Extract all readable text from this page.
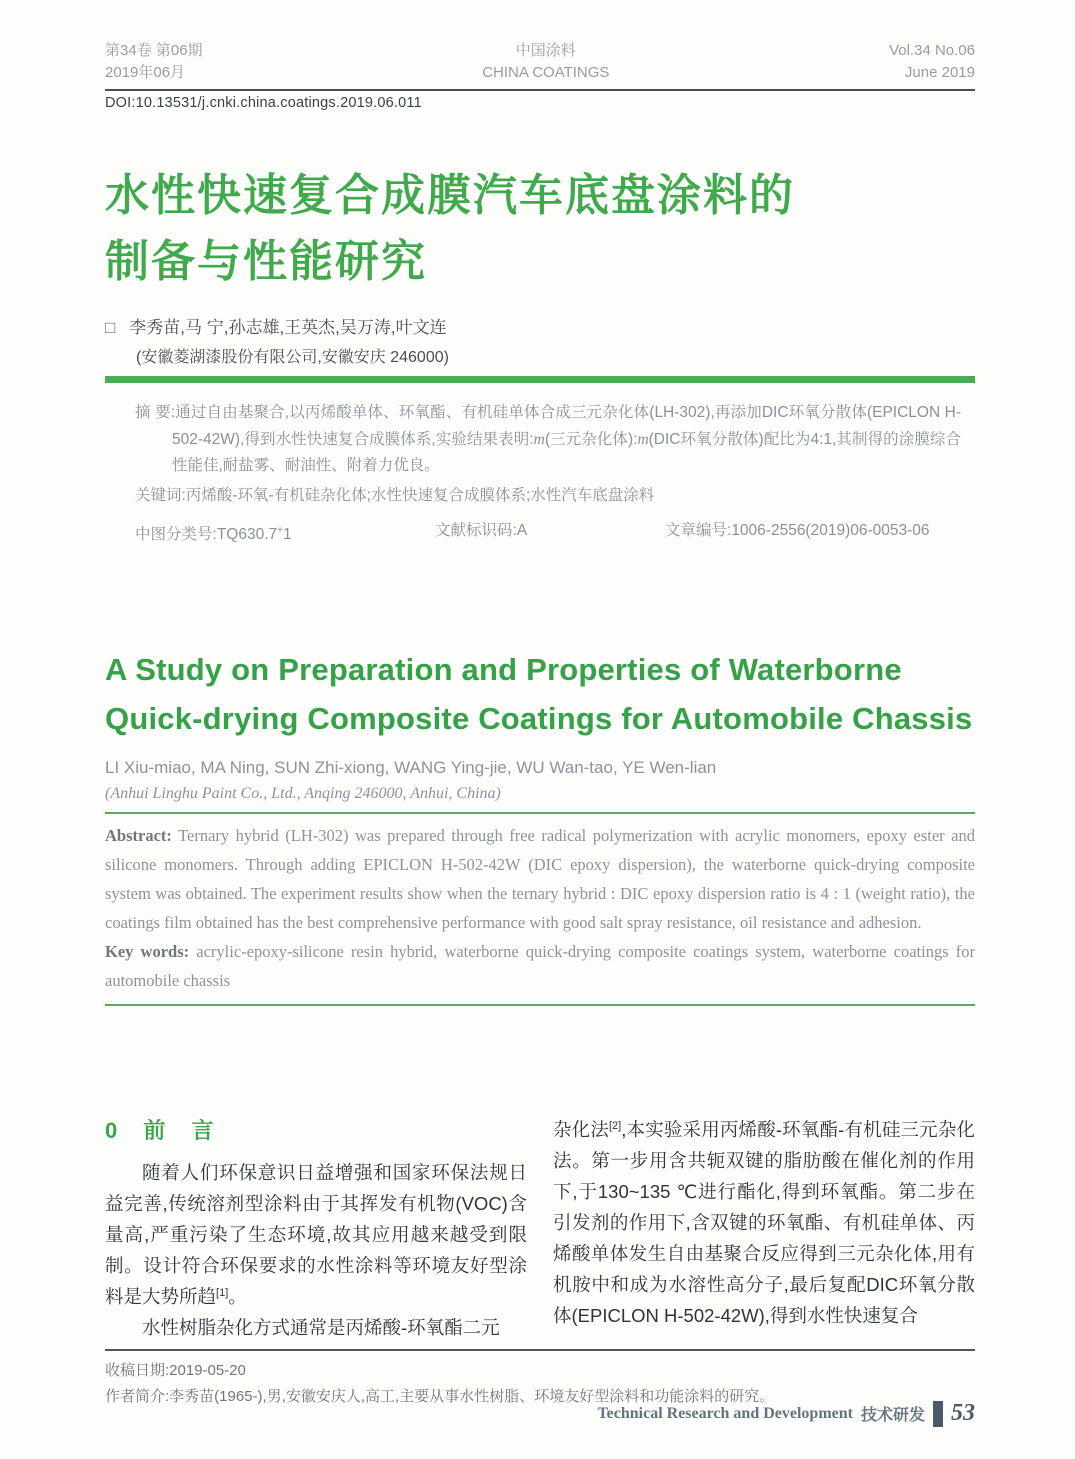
第34卷 第06期
2019年06月
中国涂料
CHINA COATINGS
Vol.34 No.06
June 2019
DOI:10.13531/j.cnki.china.coatings.2019.06.011
水性快速复合成膜汽车底盘涂料的
制备与性能研究
□ 李秀苗,马 宁,孙志雄,王英杰,吴万涛,叶文连
(安徽菱湖漆股份有限公司,安徽安庆 246000)

摘 要:通过自由基聚合,以丙烯酸单体、环氧酯、有机硅单体合成三元杂化体(LH-302),再添加DIC环氧分散体(EPICLON H-502-42W),得到水性快速复合成膜体系,实验结果表明:m(三元杂化体):m(DIC环氧分散体)配比为4:1,其制得的涂膜综合性能佳,耐盐雾、耐油性、附着力优良。

关键词:丙烯酸-环氧-有机硅杂化体;水性快速复合成膜体系;水性汽车底盘涂料

中图分类号:TQ630.7+1	文献标识码:A	文章编号:1006-2556(2019)06-0053-06
A Study on Preparation and Properties of Waterborne
Quick-drying Composite Coatings for Automobile Chassis
LI Xiu-miao, MA Ning, SUN Zhi-xiong, WANG Ying-jie, WU Wan-tao, YE Wen-lian
(Anhui Linghu Paint Co., Ltd., Anqing 246000, Anhui, China)

Abstract: Ternary hybrid (LH-302) was prepared through free radical polymerization with acrylic monomers, epoxy ester and silicone monomers. Through adding EPICLON H-502-42W (DIC epoxy dispersion), the waterborne quick-drying composite system was obtained. The experiment results show when the ternary hybrid : DIC epoxy dispersion ratio is 4 : 1 (weight ratio), the coatings film obtained has the best comprehensive performance with good salt spray resistance, oil resistance and adhesion.

Key words: acrylic-epoxy-silicone resin hybrid, waterborne quick-drying composite coatings system, waterborne coatings for automobile chassis

0 前 言

随着人们环保意识日益增强和国家环保法规日益完善,传统溶剂型涂料由于其挥发有机物(VOC)含量高,严重污染了生态环境,故其应用越来越受到限制。设计符合环保要求的水性涂料等环境友好型涂料是大势所趋[1]。

水性树脂杂化方式通常是丙烯酸-环氧酯二元

杂化法[2],本实验采用丙烯酸-环氧酯-有机硅三元杂化法。第一步用含共轭双键的脂肪酸在催化剂的作用下,于130~135 ℃进行酯化,得到环氧酯。第二步在引发剂的作用下,含双键的环氧酯、有机硅单体、丙烯酸单体发生自由基聚合反应得到三元杂化体,用有机胺中和成为水溶性高分子,最后复配DIC环氧分散体(EPICLON H-502-42W),得到水性快速复合

收稿日期:2019-05-20
作者简介:李秀苗(1965-),男,安徽安庆人,高工,主要从事水性树脂、环境友好型涂料和功能涂料的研究。
Technical Research and Development 技术研发 53
